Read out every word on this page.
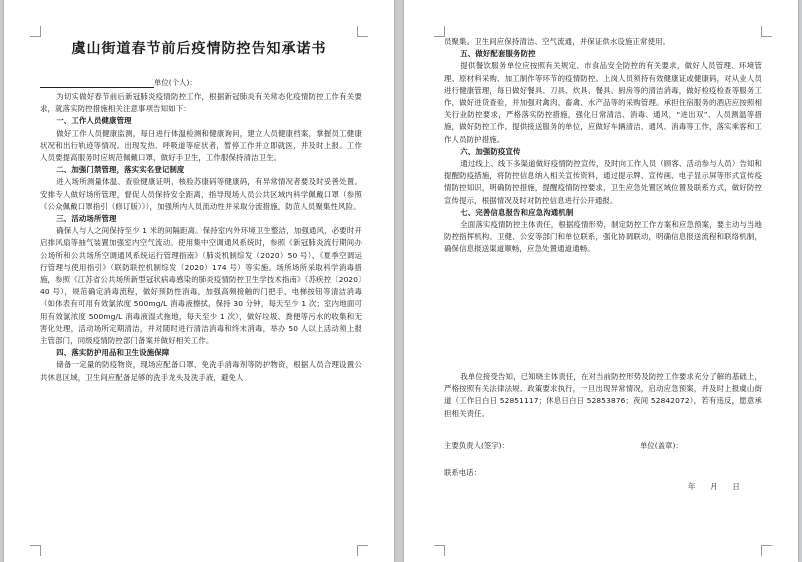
虞山街道春节前后疫情防控告知承诺书
单位(个人)：
为切实做好春节前后新冠肺炎疫情防控工作，根据新冠肺炎有关常态化疫情防控工作有关要求，就落实防控措施相关注意事项告知如下：
一、工作人员健康管理
做好工作人员健康监测，每日进行体温检测和健康询问，建立人员健康档案，掌握员工健康状况和出行轨迹等情况。出现发热、呼吸道等症状者，暂停工作并立即就医，并及时上报。工作人员要提高服务时应规范佩戴口罩，做好手卫生，工作服保持清洁卫生。
二、加强门禁管理，落实实名登记制度
进入场所测量体温、查验健康证明，核验苏康码等健康码，有异常情况者要及时妥善处置。安排专人做好场所管理，督促人员保持安全距离，指导现场人员公共区域内科学佩戴口罩（参照《公众佩戴口罩指引（修订版）》），加强所内人员流动性并采取分流措施，防范人员聚集性风险。
三、活动场所管理
确保人与人之间保持至少 1 米的间隔距离。保持室内外环境卫生整洁，加强通风，必要时开启排风扇等抽气装置加强室内空气流动。使用集中空调通风系统时，参照《新冠肺炎流行期间办公场所和公共场所空调通风系统运行管理指南》（肺炎机制综发（2020）50 号）、《夏季空调运行管理与使用指引》（联防联控机制综发（2020）174 号）等实施。场所场所采取科学消毒措施，参照《江苏省公共场所新型冠状病毒感染的肺炎疫情防控卫生学技术指南》（苏疾控〔2020〕40 号），规范确定消毒流程，做好预防性消毒，加强高频接触的门把手、电梯按钮等清洁消毒（如体表有可用有效氯浓度 500mg/L 消毒液擦拭，保持 30 分钟，每天至少 1 次；室内地面可用有效氯浓度 500mg/L 消毒液湿式拖地，每天至少 1 次），做好垃圾、粪便等污水的收集和无害化处理，活动场所定期清洁，并对随时进行清洁消毒和终末消毒，举办 50 人以上活动须上报主管部门，同级疫情防控部门备案并做好相关工作。
四、落实防护用品和卫生设施保障
储备一定量的防疫物资，现场应配备口罩、免洗手消毒剂等防护物资，根据人员合理设置公共休息区域，卫生间应配备足够的洗手龙头及洗手液，避免人
员聚集。卫生间应保持清洁、空气流通，并保证供水设施正常使用。
五、做好配套服务防控
提供餐饮服务单位应按照有关规定、市食品安全防控的有关要求，做好人员管理、环境管理、原材料采购、加工制作等环节的疫情防控。上岗人员须持有效健康证或健康码，对从业人员进行健康管理，每日做好餐具、刀具、炊具、餐具、厨房等的清洁消毒，做好检疫检查等服务工作，做好进货查验，并加强对禽肉、畜禽、水产品等的采购管理。承担住宿服务的酒店应按照相关行业防控要求，严格落实防控措施，强化日常清洁、消毒、通风，“进出双”、人员测温等措施，做好防控工作。提供接送服务的单位，应做好车辆清洁、通风、消毒等工作，落实乘客和工作人员防护措施。
六、加强防疫宣传
通过线上、线下多渠道做好疫情防控宣传，及时向工作人员（顾客、活动参与人员）告知和提醒防疫措施，将防控信息纳入相关宣传资料，通过提示牌、宣传画、电子显示屏等形式宣传疫情防控知识，明确防控措施，提醒疫情防控要求，卫生应急处置区域位置及联系方式，做好防控宣传提示，根据情况及时对防控信息进行公开通报。
七、完善信息报告和应急沟通机制
全面落实疫情防控主体责任，根据疫情形势，制定防控工作方案和应急预案，要主动与当地防控指挥机构、卫健、公安等部门和单位联系，强化协调联动，明确信息报送流程和联络机制，确保信息报送渠道顺畅，应急处置通道通畅。
我单位接受告知，已知晓主体责任，在对当前防控形势及防控工作要求充分了解的基础上，严格按照有关法律法规、政策要求执行，一旦出现异常情况，启动应急预案，并及时上报虞山街道（工作日白日 52851117；休息日白日 52853876；夜间 52842072），若有违反，愿意承担相关责任。
主要负责人(签字)：	单位(盖章)：
联系电话：
年　　月　　日
